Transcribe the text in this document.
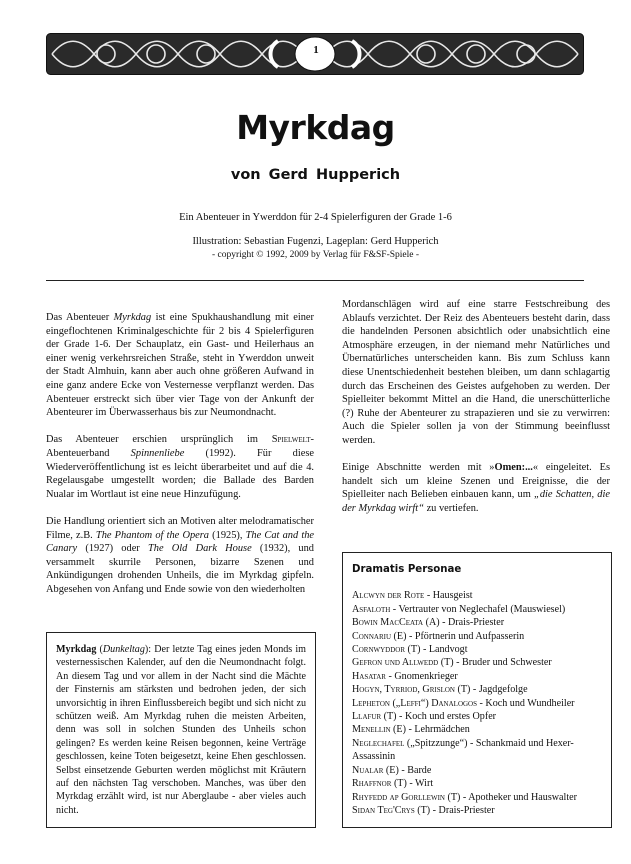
1
Myrkdag
von Gerd Hupperich
Ein Abenteuer in Ywerddon für 2-4 Spielerfiguren der Grade 1-6
Illustration: Sebastian Fugenzi, Lageplan: Gerd Hupperich
- copyright © 1992, 2009 by Verlag für F&SF-Spiele -

Das Abenteuer Myrkdag ist eine Spukhaushandlung mit einer eingeflochtenen Kriminalgeschichte für 2 bis 4 Spielerfiguren der Grade 1-6. Der Schauplatz, ein Gast- und Heilerhaus an einer wenig verkehrsreichen Straße, steht in Ywerddon unweit der Stadt Almhuin, kann aber auch ohne größeren Aufwand in eine ganz andere Ecke von Vesternesse verpflanzt werden. Das Abenteuer erstreckt sich über vier Tage von der Ankunft der Abenteurer im Überwasserhaus bis zur Neumondnacht.

Das Abenteuer erschien ursprünglich im Spielwelt-Abenteuerband Spinnenliebe (1992). Für diese Wiederveröffentlichung ist es leicht überarbeitet und auf die 4. Regelausgabe umgestellt worden; die Ballade des Barden Nualar im Wortlaut ist eine neue Hinzufügung.

Die Handlung orientiert sich an Motiven alter melodramatischer Filme, z.B. The Phantom of the Opera (1925), The Cat and the Canary (1927) oder The Old Dark House (1932), und versammelt skurrile Personen, bizarre Szenen und Ankündigungen drohenden Unheils, die im Myrkdag gipfeln. Abgesehen von Anfang und Ende sowie von den wiederholten

Mordanschlägen wird auf eine starre Festschreibung des Ablaufs verzichtet. Der Reiz des Abenteuers besteht darin, dass die handelnden Personen absichtlich oder unabsichtlich eine Atmosphäre erzeugen, in der niemand mehr Natürliches und Übernatürliches unterscheiden kann. Bis zum Schluss kann diese Unentschiedenheit bestehen bleiben, um dann schlagartig durch das Erscheinen des Geistes aufgehoben zu werden. Der Spielleiter bekommt Mittel an die Hand, die unerschütterliche (?) Ruhe der Abenteurer zu strapazieren und sie zu verwirren: Auch die Spieler sollen ja von der Stimmung beeinflusst werden.

Einige Abschnitte werden mit »Omen:...« eingeleitet. Es handelt sich um kleine Szenen und Ereignisse, die der Spielleiter nach Belieben einbauen kann, um „die Schatten, die der Myrkdag wirft“ zu vertiefen.

Myrkdag (Dunkeltag): Der letzte Tag eines jeden Monds im vesternessischen Kalender, auf den die Neumondnacht folgt. An diesem Tag und vor allem in der Nacht sind die Mächte der Finsternis am stärksten und bedrohen jeden, der sich unvorsichtig in ihren Einflussbereich begibt und sich nicht zu schützen weiß. Am Myrkdag ruhen die meisten Arbeiten, denn was soll in solchen Stunden des Unheils schon gelingen? Es werden keine Reisen begonnen, keine Verträge geschlossen, keine Toten beigesetzt, keine Ehen geschlossen. Selbst einsetzende Geburten werden möglichst mit Kräutern auf den nächsten Tag verschoben. Manches, was über den Myrkdag erzählt wird, ist nur Aberglaube - aber vieles auch nicht.
Dramatis Personae
Alcwyn der Rote - Hausgeist
Asfaloth - Vertrauter von Neglechafel (Mauswiesel)
Bowin MacCeata (A) - Drais-Priester
Connariu (E) - Pförtnerin und Aufpasserin
Cornwyddor (T) - Landvogt
Gefron und Allwedd (T) - Bruder und Schwester
Hasatar - Gnomenkrieger
Hogyn, Tyrriod, Grislon (T) - Jagdgefolge
Lepheton („Leffi“) Danalogos - Koch und Wundheiler
Llafur (T) - Koch und erstes Opfer
Menellin (E) - Lehrmädchen
Neglechafel („Spitzzunge“) - Schankmaid und Hexer-
Assassinin
Nualar (E) - Barde
Rhaffnor (T) - Wirt
Rhyfedd ap Gorllewin (T) - Apotheker und Hauswalter
Sidan Teg'Crys (T) - Drais-Priester
